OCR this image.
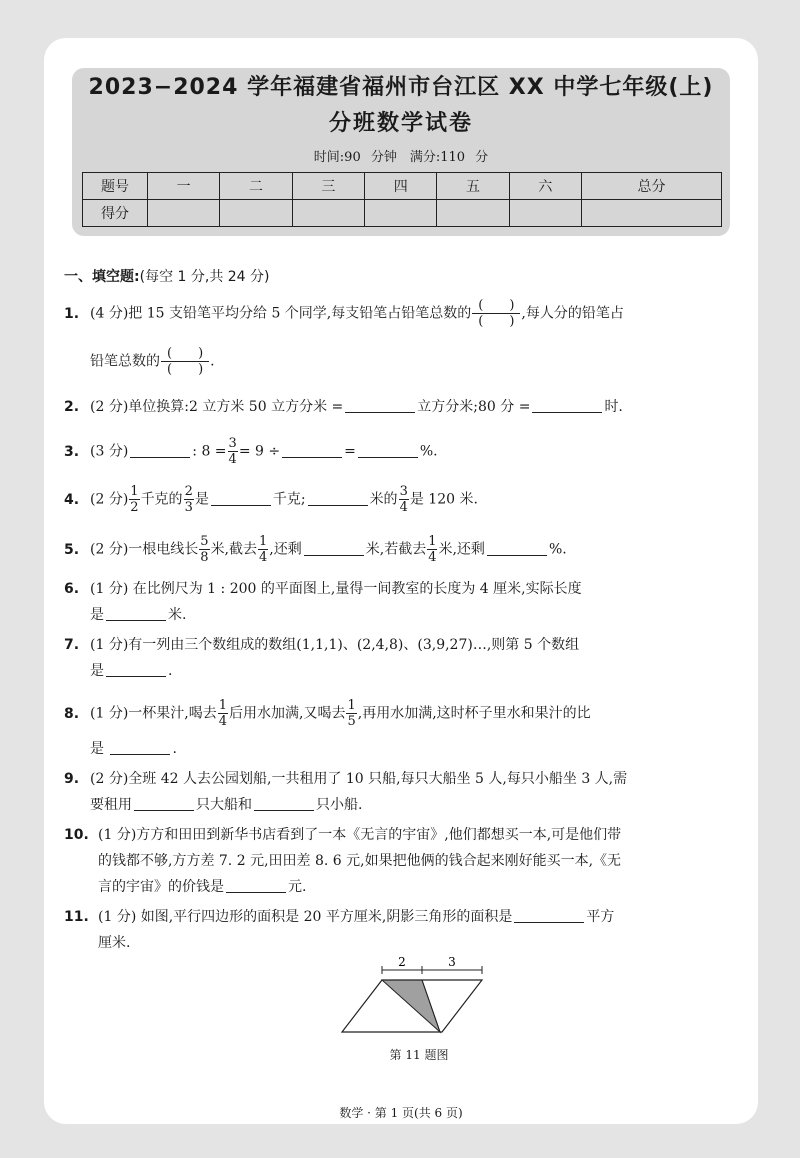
2023−2024 学年福建省福州市台江区 XX 中学七年级(上)
分班数学试卷
时间:90 分钟　满分:110 分
题号	一	二	三	四	五	六	总分
得分							
一、填空题:(每空 1 分,共 24 分)
1. (4 分)把 15 支铅笔平均分给 5 个同学,每支铅笔占铅笔总数的 $\frac{( )}{( )}$ ,每人分的铅笔占
铅笔总数的 $\frac{( )}{( )}$ .
2. (2 分)单位换算:2 立方米 50 立方分米 =	立方分米;80 分 =	时.
3. (3 分)	: $8 = \frac{3}{4} = 9$ ÷	=	%.
4. (2 分) $\frac{1}{2}$ 千克的 $\frac{2}{3}$ 是	千克;	米的 $\frac{3}{4}$ 是 120 米.
5. (2 分)一根电线长 $\frac{5}{8}$ 米,截去 $\frac{1}{4}$ ,还剩	米,若截去 $\frac{1}{4}$ 米,还剩	%.
6. (1 分) 在比例尺为 1 : 200 的平面图上,量得一间教室的长度为 4 厘米,实际长度
是	米.
7. (1 分)有一列由三个数组成的数组(1,1,1)、(2,4,8)、(3,9,27)…,则第 5 个数组
是	.
8. (1 分)一杯果汁,喝去 $\frac{1}{4}$ 后用水加满,又喝去 $\frac{1}{5}$ ,再用水加满,这时杯子里水和果汁的比
是	.
9. (2 分)全班 42 人去公园划船,一共租用了 10 只船,每只大船坐 5 人,每只小船坐 3 人,需
要租用	只大船和	只小船.
10. (1 分)方方和田田到新华书店看到了一本《无言的宇宙》,他们都想买一本,可是他们带
的钱都不够,方方差 7. 2 元,田田差 8. 6 元,如果把他俩的钱合起来刚好能买一本,《无
言的宇宙》的价钱是	元.
11. (1 分) 如图,平行四边形的面积是 20 平方厘米,阴影三角形的面积是	平方
厘米.
2	3
第 11 题图
数学 · 第 1 页(共 6 页)
